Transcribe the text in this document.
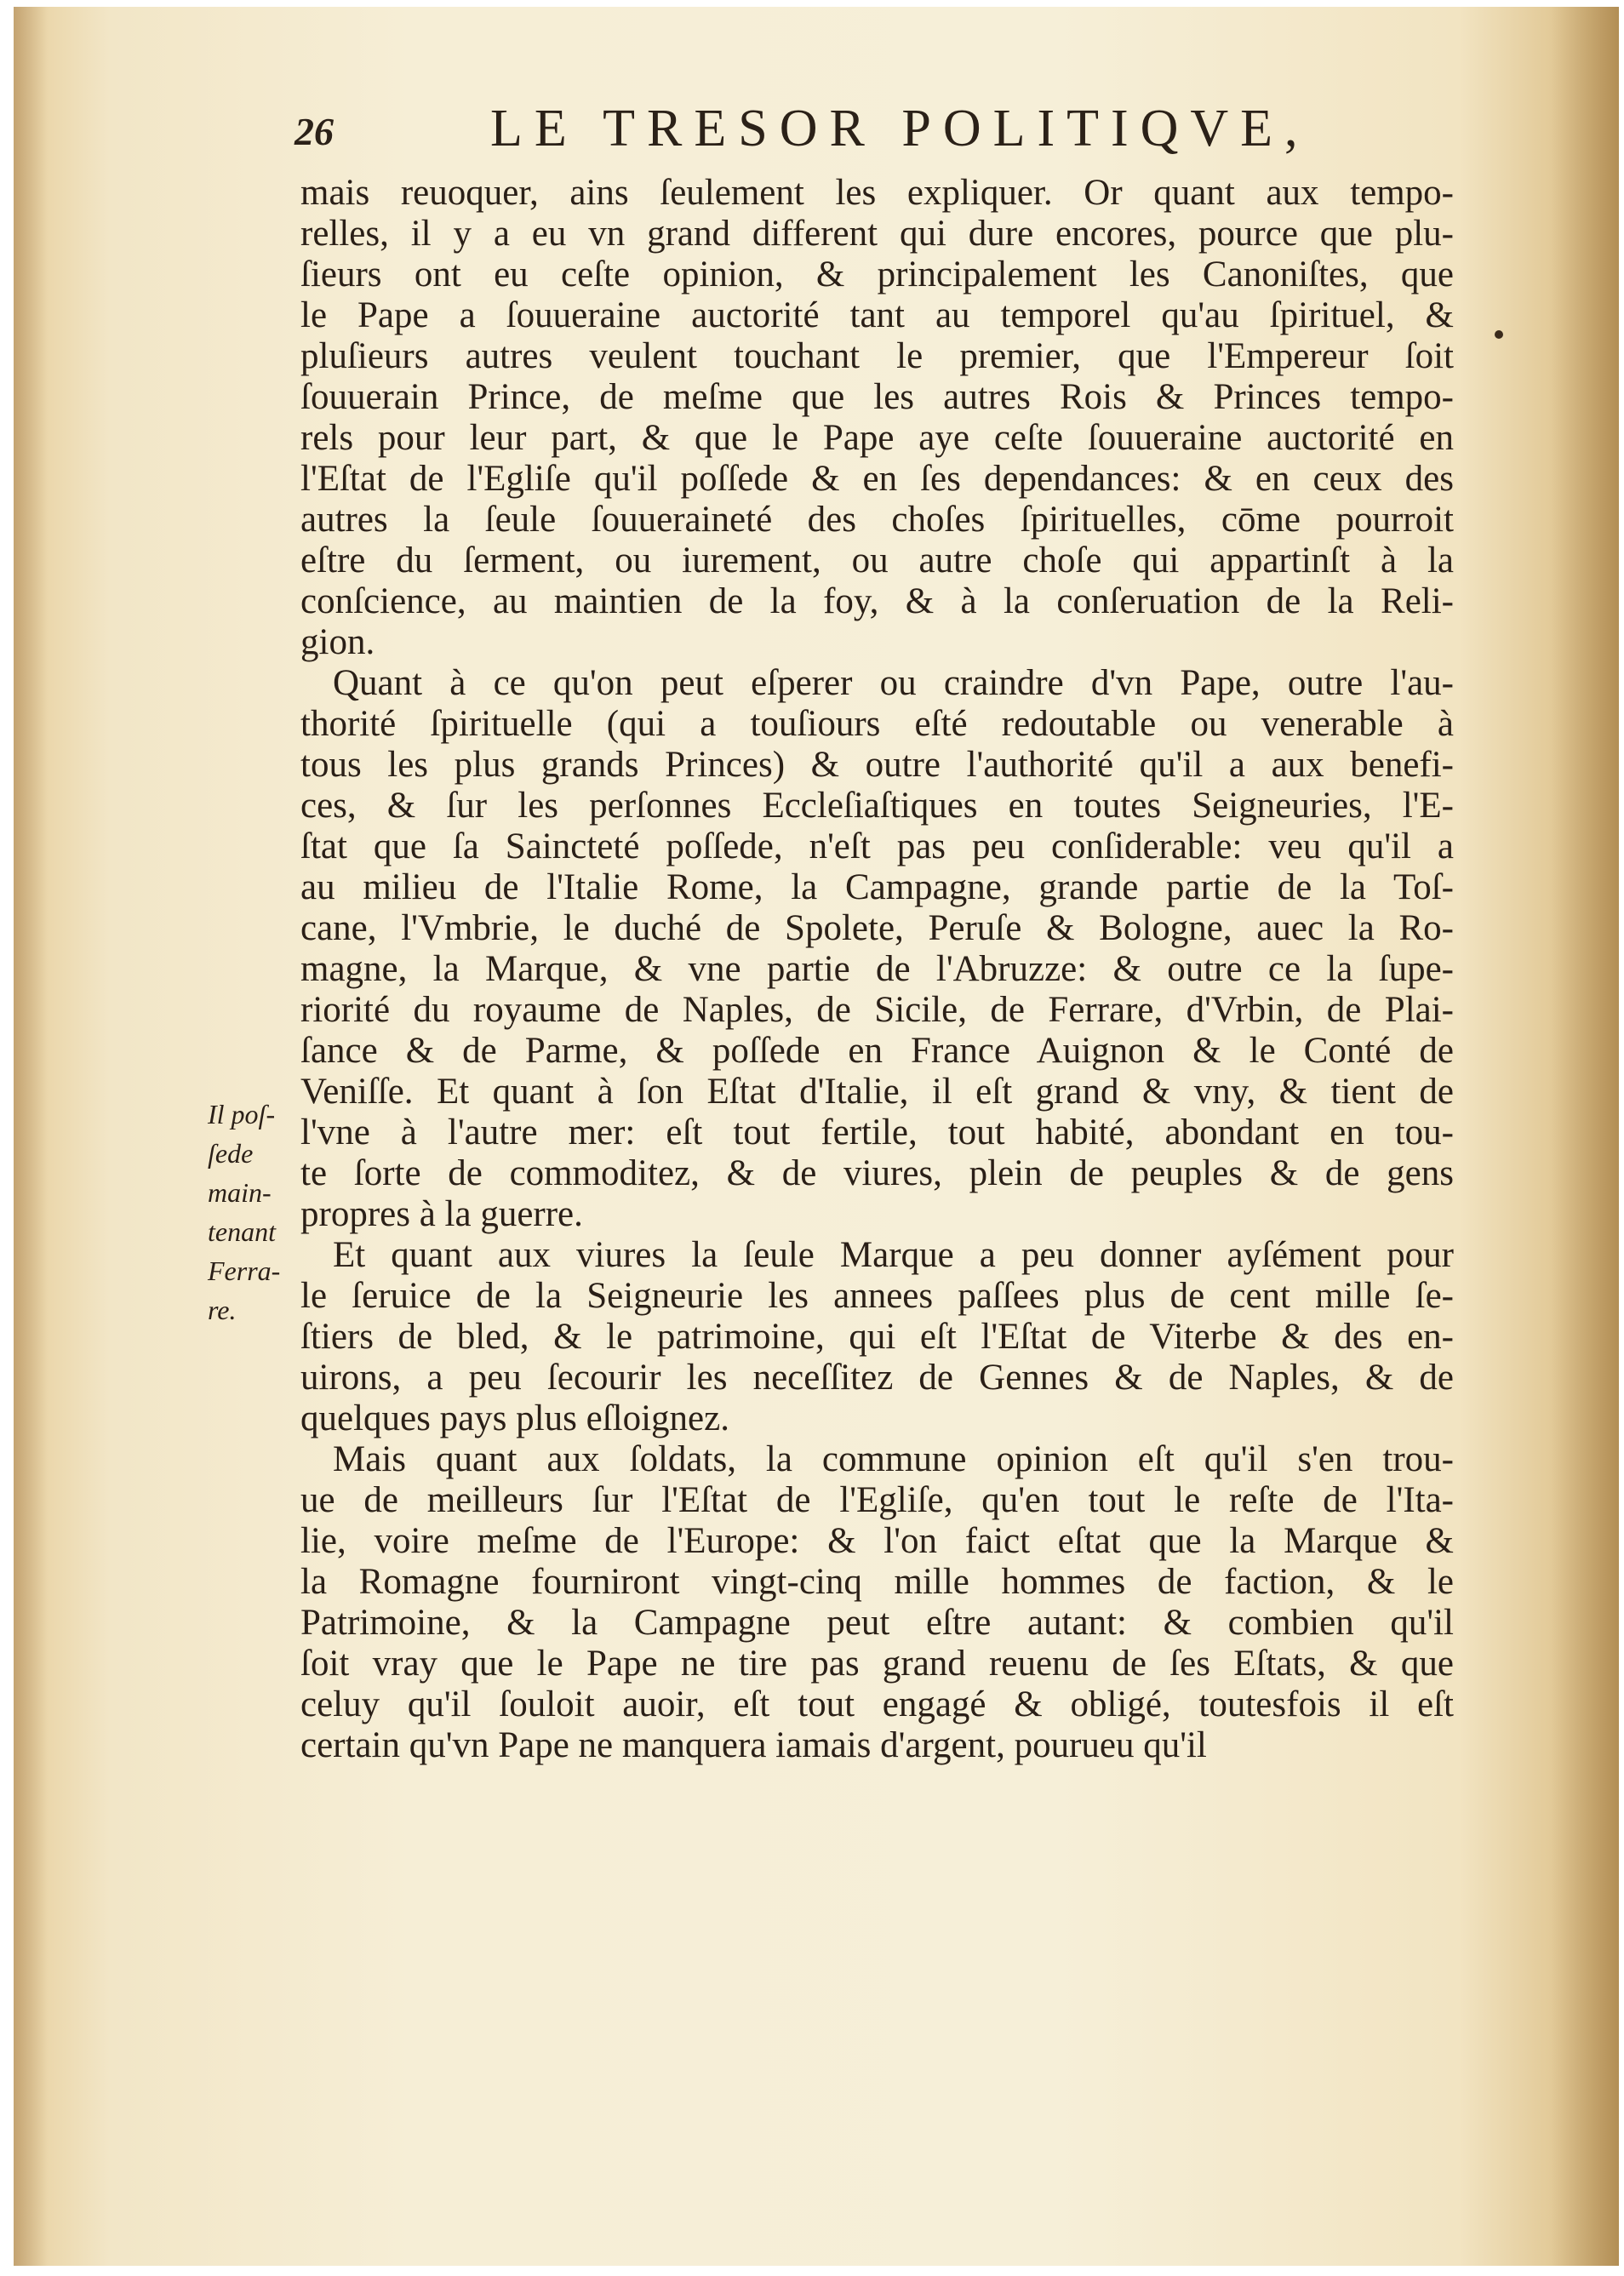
26	LE TRESOR POLITIQVE,
Il poſ-
ſede
main-
tenant
Ferra-
re.
mais reuoquer, ains ſeulement les expliquer. Or quant aux tempo-
relles, il y a eu vn grand different qui dure encores, pource que plu-
ſieurs ont eu ceſte opinion, & principalement les Canoniſtes, que
le Pape a ſouueraine auctorité tant au temporel qu'au ſpirituel, &
pluſieurs autres veulent touchant le premier, que l'Empereur ſoit
ſouuerain Prince, de meſme que les autres Rois & Princes tempo-
rels pour leur part, & que le Pape aye ceſte ſouueraine auctorité en
l'Eſtat de l'Egliſe qu'il poſſede & en ſes dependances: & en ceux des
autres la ſeule ſouueraineté des choſes ſpirituelles, cōme pourroit
eſtre du ſerment, ou iurement, ou autre choſe qui appartinſt à la
conſcience, au maintien de la foy, & à la conſeruation de la Reli-
gion.
Quant à ce qu'on peut eſperer ou craindre d'vn Pape, outre l'au-
thorité ſpirituelle (qui a touſiours eſté redoutable ou venerable à
tous les plus grands Princes) & outre l'authorité qu'il a aux benefi-
ces, & ſur les perſonnes Eccleſiaſtiques en toutes Seigneuries, l'E-
ſtat que ſa Saincteté poſſede, n'eſt pas peu conſiderable: veu qu'il a
au milieu de l'Italie Rome, la Campagne, grande partie de la Toſ-
cane, l'Vmbrie, le duché de Spolete, Peruſe & Bologne, auec la Ro-
magne, la Marque, & vne partie de l'Abruzze: & outre ce la ſupe-
riorité du royaume de Naples, de Sicile, de Ferrare, d'Vrbin, de Plai-
ſance & de Parme, & poſſede en France Auignon & le Conté de
Veniſſe. Et quant à ſon Eſtat d'Italie, il eſt grand & vny, & tient de
l'vne à l'autre mer: eſt tout fertile, tout habité, abondant en tou-
te ſorte de commoditez, & de viures, plein de peuples & de gens
propres à la guerre.
Et quant aux viures la ſeule Marque a peu donner ayſément pour
le ſeruice de la Seigneurie les annees paſſees plus de cent mille ſe-
ſtiers de bled, & le patrimoine, qui eſt l'Eſtat de Viterbe & des en-
uirons, a peu ſecourir les neceſſitez de Gennes & de Naples, & de
quelques pays plus eſloignez.
Mais quant aux ſoldats, la commune opinion eſt qu'il s'en trou-
ue de meilleurs ſur l'Eſtat de l'Egliſe, qu'en tout le reſte de l'Ita-
lie, voire meſme de l'Europe: & l'on faict eſtat que la Marque &
la Romagne fourniront vingt-cinq mille hommes de faction, & le
Patrimoine, & la Campagne peut eſtre autant: & combien qu'il
ſoit vray que le Pape ne tire pas grand reuenu de ſes Eſtats, & que
celuy qu'il ſouloit auoir, eſt tout engagé & obligé, toutesfois il eſt
certain qu'vn Pape ne manquera iamais d'argent, pourueu qu'il
